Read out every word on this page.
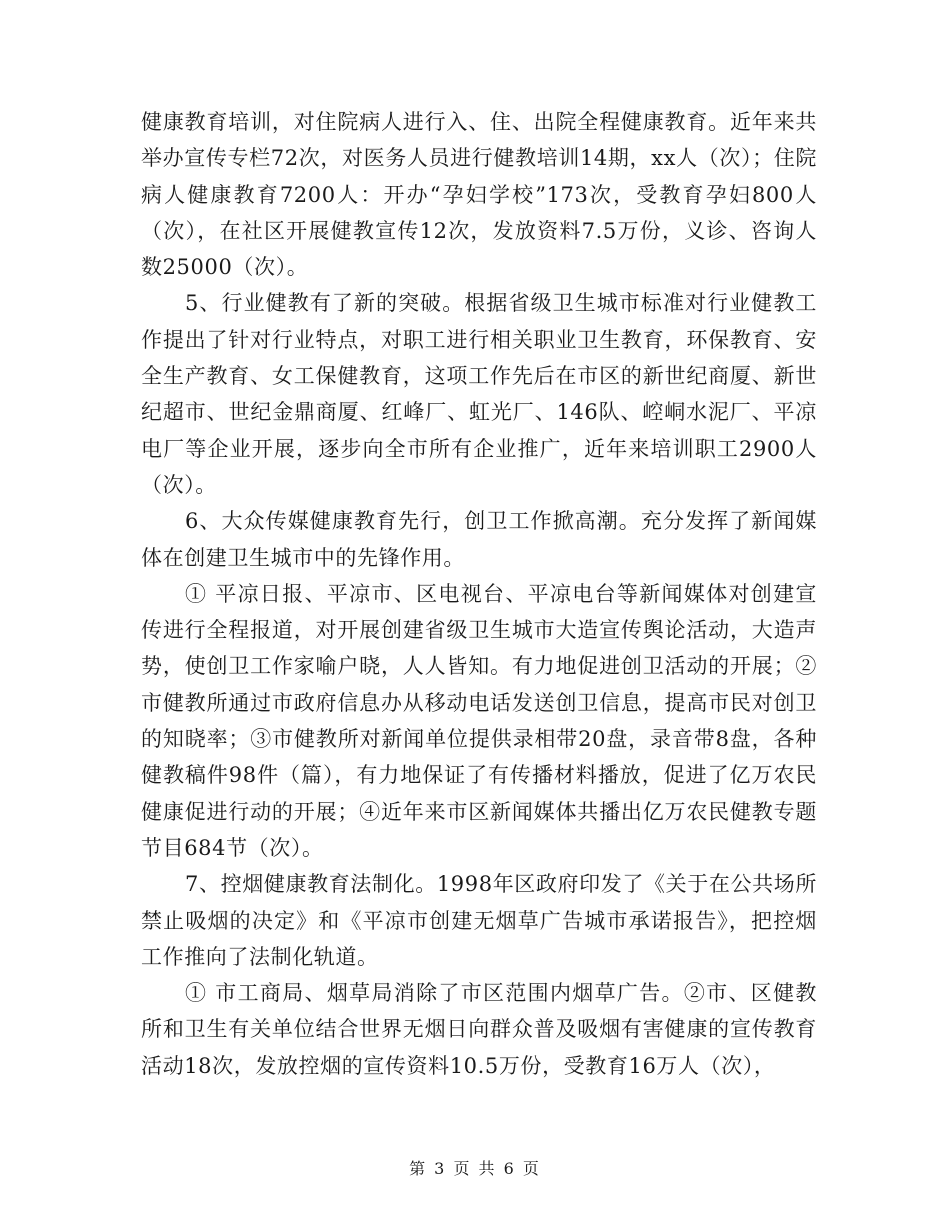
健康教育培训，对住院病人进行入、住、出院全程健康教育。近年来共举办宣传专栏72次，对医务人员进行健教培训14期，xx人（次）；住院病人健康教育7200人：开办“孕妇学校”173次，受教育孕妇800人（次），在社区开展健教宣传12次，发放资料7.5万份，义诊、咨询人数25000（次）。

5、行业健教有了新的突破。根据省级卫生城市标准对行业健教工作提出了针对行业特点，对职工进行相关职业卫生教育，环保教育、安全生产教育、女工保健教育，这项工作先后在市区的新世纪商厦、新世纪超市、世纪金鼎商厦、红峰厂、虹光厂、146队、崆峒水泥厂、平凉电厂等企业开展，逐步向全市所有企业推广，近年来培训职工2900人（次）。

6、大众传媒健康教育先行，创卫工作掀高潮。充分发挥了新闻媒体在创建卫生城市中的先锋作用。

① 平凉日报、平凉市、区电视台、平凉电台等新闻媒体对创建宣传进行全程报道，对开展创建省级卫生城市大造宣传舆论活动，大造声势，使创卫工作家喻户晓，人人皆知。有力地促进创卫活动的开展；②市健教所通过市政府信息办从移动电话发送创卫信息，提高市民对创卫的知晓率；③市健教所对新闻单位提供录相带20盘，录音带8盘，各种健教稿件98件（篇），有力地保证了有传播材料播放，促进了亿万农民健康促进行动的开展；④近年来市区新闻媒体共播出亿万农民健教专题节目684节（次）。

7、控烟健康教育法制化。1998年区政府印发了《关于在公共场所禁止吸烟的决定》和《平凉市创建无烟草广告城市承诺报告》，把控烟工作推向了法制化轨道。

① 市工商局、烟草局消除了市区范围内烟草广告。②市、区健教所和卫生有关单位结合世界无烟日向群众普及吸烟有害健康的宣传教育活动18次，发放控烟的宣传资料10.5万份，受教育16万人（次），

第 3 页 共 6 页
